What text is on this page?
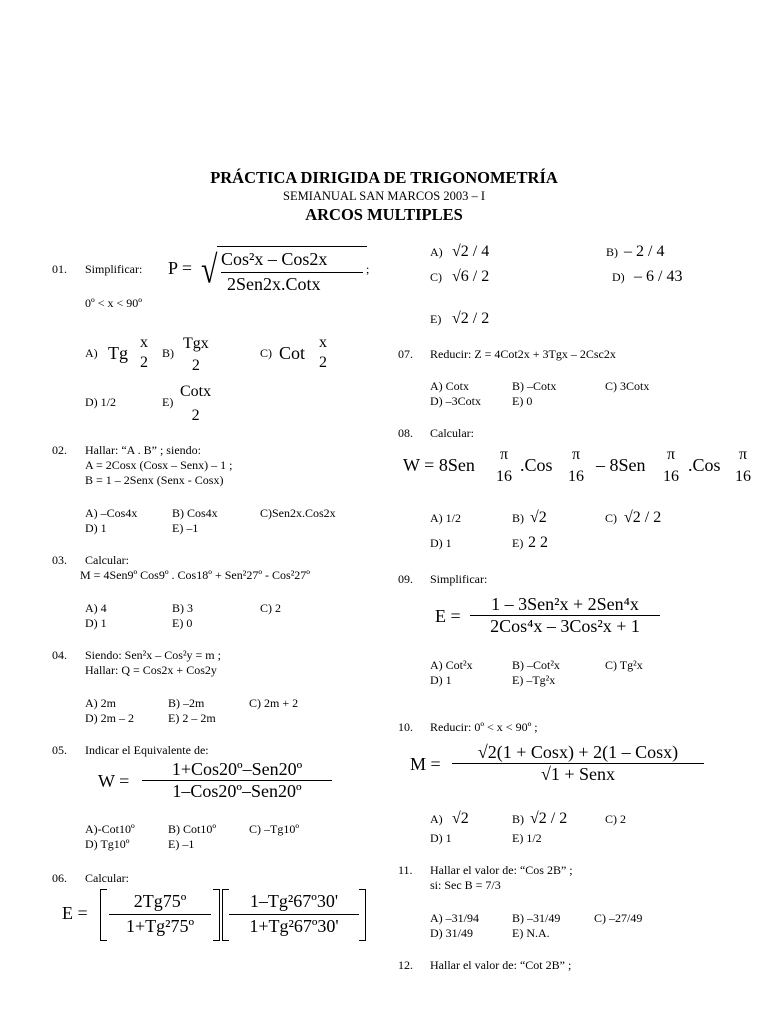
PRÁCTICA DIRIGIDA DE TRIGONOMETRÍA
SEMIANUAL SAN MARCOS 2003 – I
ARCOS MULTIPLES
01. Simplificar: P = √ Cos²x – Cos2x
2Sen2x.Cotx
;
0º < x < 90º
A) Tg
x
2
B)
Tgx
2
C) Cot
x
2
D) 1/2	E)
Cotx
2
02. Hallar: “A . B” ; siendo:
A = 2Cosx (Cosx – Senx) – 1 ;
B = 1 – 2Senx (Senx - Cosx)
A) –Cos4x	B) Cos4x	C)Sen2x.Cos2x
D) 1	E) –1
03. Calcular:
M = 4Sen9º Cos9º . Cos18º + Sen²27º - Cos²27º
A) 4	B) 3	C) 2
D) 1	E) 0
04. Siendo: Sen²x – Cos²y = m ;
Hallar: Q = Cos2x + Cos2y
A) 2m	B) –2m	C) 2m + 2
D) 2m – 2	E) 2 – 2m
05. Indicar el Equivalente de:
W =
1+Cos20º–Sen20º
1–Cos20º–Sen20º
A)-Cot10º	B) Cot10º	C) –Tg10º
D) Tg10º	E) –1
06. Calcular:
E =
2Tg75º
1+Tg²75º
1–Tg²67º30'
1+Tg²67º30'
A) √2 / 4	B) – 2 / 4
C) √6 / 2	D) – 6 / 43
E) √2 / 2
07. Reducir: Z = 4Cot2x + 3Tgx – 2Csc2x
A) Cotx	B) –Cotx	C) 3Cotx
D) –3Cotx	E) 0
08. Calcular:
W = 8Sen
π
16
.Cos
π
16
– 8Sen
π
16
.Cos
π
16
A) 1/2	B) √2	C) √2 / 2
D) 1	E) 2 2
09. Simplificar:
E =
1 – 3Sen²x + 2Sen⁴x
2Cos⁴x – 3Cos²x + 1
A) Cot²x	B) –Cot²x	C) Tg²x
D) 1	E) –Tg²x
10. Reducir: 0º < x < 90º ;
M =
√2(1 + Cosx) + 2(1 – Cosx)
√1 + Senx
A) √2	B) √2 / 2	C) 2
D) 1	E) 1/2
11. Hallar el valor de: “Cos 2B” ;
si: Sec B = 7/3
A) –31/94	B) –31/49	C) –27/49
D) 31/49	E) N.A.
12. Hallar el valor de: “Cot 2B” ;
